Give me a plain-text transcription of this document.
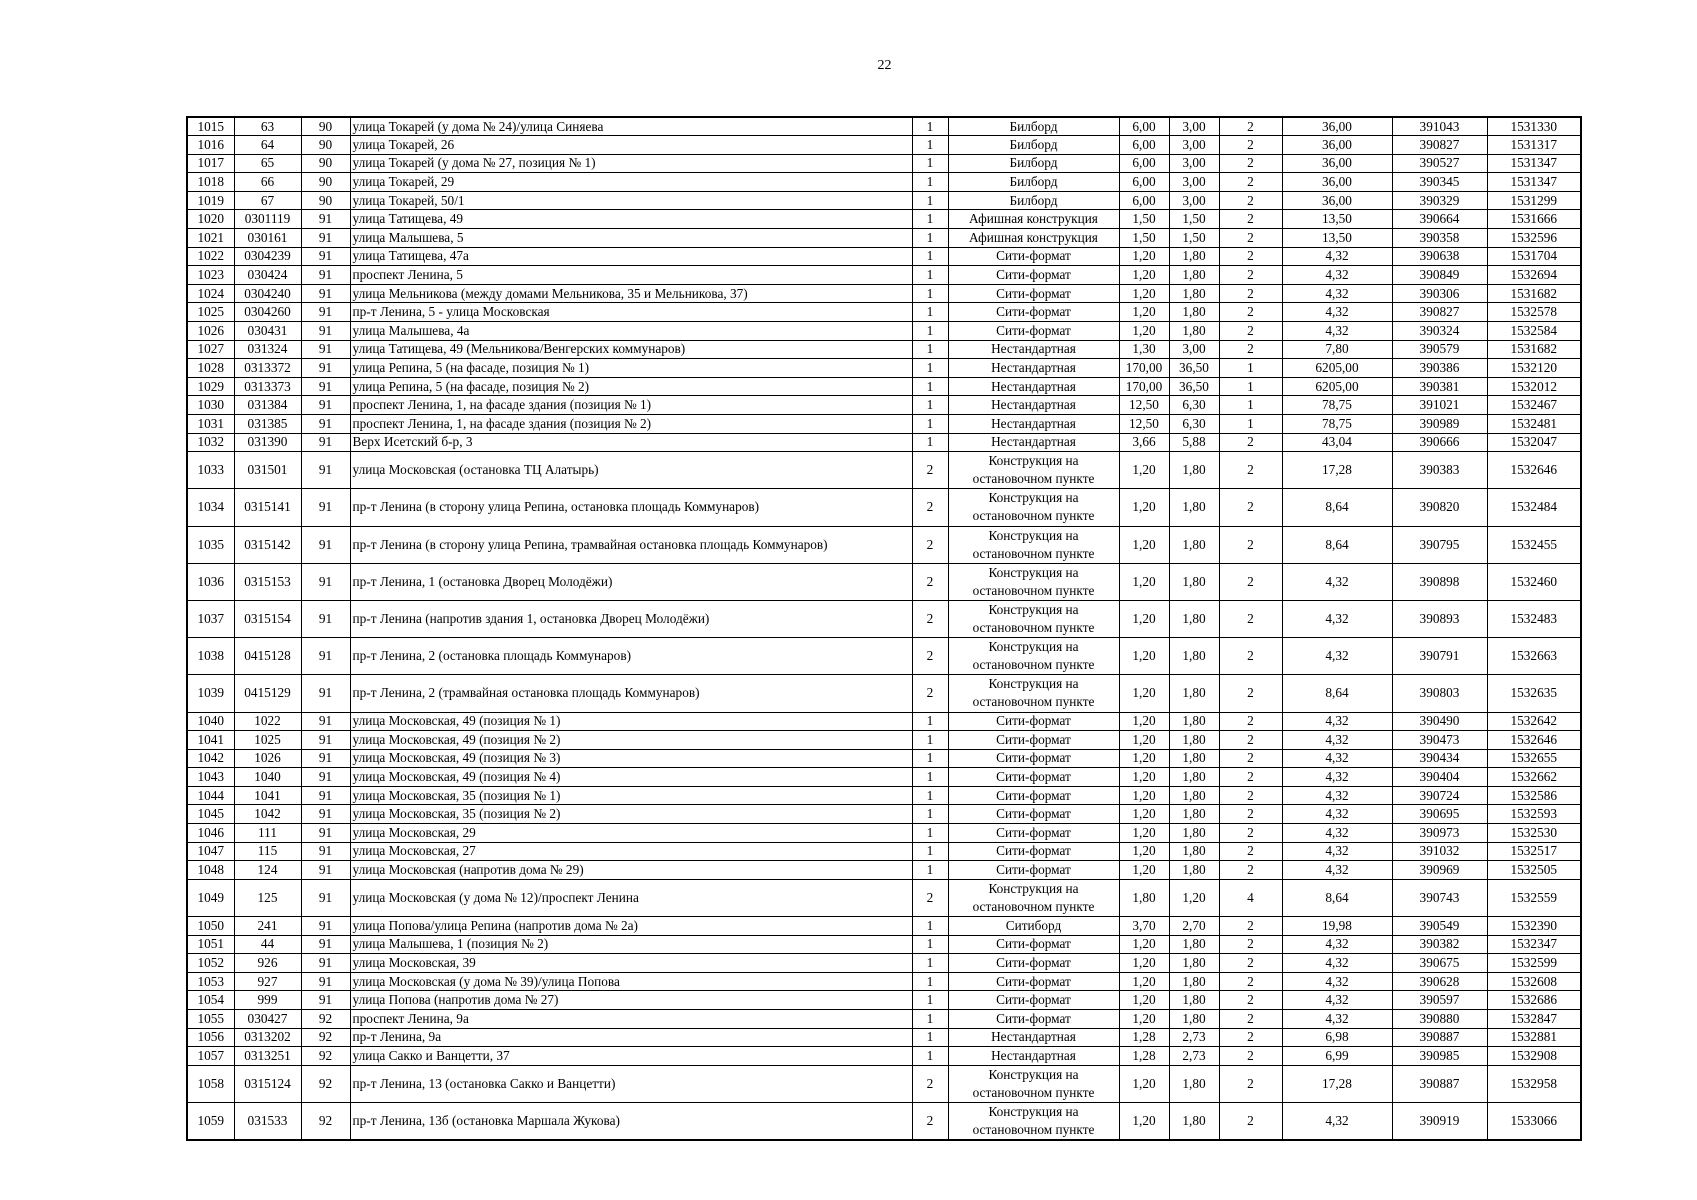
22
1015	63	90	улица Токарей (у дома № 24)/улица Синяева	1	Билборд	6,00	3,00	2	36,00	391043	1531330
1016	64	90	улица Токарей, 26	1	Билборд	6,00	3,00	2	36,00	390827	1531317
1017	65	90	улица Токарей (у дома № 27, позиция № 1)	1	Билборд	6,00	3,00	2	36,00	390527	1531347
1018	66	90	улица Токарей, 29	1	Билборд	6,00	3,00	2	36,00	390345	1531347
1019	67	90	улица Токарей, 50/1	1	Билборд	6,00	3,00	2	36,00	390329	1531299
1020	0301119	91	улица Татищева, 49	1	Афишная конструкция	1,50	1,50	2	13,50	390664	1531666
1021	030161	91	улица Малышева, 5	1	Афишная конструкция	1,50	1,50	2	13,50	390358	1532596
1022	0304239	91	улица Татищева, 47а	1	Сити-формат	1,20	1,80	2	4,32	390638	1531704
1023	030424	91	проспект Ленина, 5	1	Сити-формат	1,20	1,80	2	4,32	390849	1532694
1024	0304240	91	улица Мельникова (между домами Мельникова, 35 и Мельникова, 37)	1	Сити-формат	1,20	1,80	2	4,32	390306	1531682
1025	0304260	91	пр-т Ленина, 5 - улица Московская	1	Сити-формат	1,20	1,80	2	4,32	390827	1532578
1026	030431	91	улица Малышева, 4а	1	Сити-формат	1,20	1,80	2	4,32	390324	1532584
1027	031324	91	улица Татищева, 49 (Мельникова/Венгерских коммунаров)	1	Нестандартная	1,30	3,00	2	7,80	390579	1531682
1028	0313372	91	улица Репина, 5 (на фасаде, позиция № 1)	1	Нестандартная	170,00	36,50	1	6205,00	390386	1532120
1029	0313373	91	улица Репина, 5 (на фасаде, позиция № 2)	1	Нестандартная	170,00	36,50	1	6205,00	390381	1532012
1030	031384	91	проспект Ленина, 1, на фасаде здания (позиция № 1)	1	Нестандартная	12,50	6,30	1	78,75	391021	1532467
1031	031385	91	проспект Ленина, 1, на фасаде здания (позиция № 2)	1	Нестандартная	12,50	6,30	1	78,75	390989	1532481
1032	031390	91	Верх Исетский б-р, 3	1	Нестандартная	3,66	5,88	2	43,04	390666	1532047
1033	031501	91	улица Московская (остановка ТЦ Алатырь)	2	Конструкция на остановочном пункте	1,20	1,80	2	17,28	390383	1532646
1034	0315141	91	пр-т Ленина (в сторону улица Репина, остановка площадь Коммунаров)	2	Конструкция на остановочном пункте	1,20	1,80	2	8,64	390820	1532484
1035	0315142	91	пр-т Ленина (в сторону улица Репина, трамвайная остановка площадь Коммунаров)	2	Конструкция на остановочном пункте	1,20	1,80	2	8,64	390795	1532455
1036	0315153	91	пр-т Ленина, 1 (остановка Дворец Молодёжи)	2	Конструкция на остановочном пункте	1,20	1,80	2	4,32	390898	1532460
1037	0315154	91	пр-т Ленина (напротив здания 1, остановка Дворец Молодёжи)	2	Конструкция на остановочном пункте	1,20	1,80	2	4,32	390893	1532483
1038	0415128	91	пр-т Ленина, 2 (остановка площадь Коммунаров)	2	Конструкция на остановочном пункте	1,20	1,80	2	4,32	390791	1532663
1039	0415129	91	пр-т Ленина, 2 (трамвайная остановка площадь Коммунаров)	2	Конструкция на остановочном пункте	1,20	1,80	2	8,64	390803	1532635
1040	1022	91	улица Московская, 49 (позиция № 1)	1	Сити-формат	1,20	1,80	2	4,32	390490	1532642
1041	1025	91	улица Московская, 49 (позиция № 2)	1	Сити-формат	1,20	1,80	2	4,32	390473	1532646
1042	1026	91	улица Московская, 49 (позиция № 3)	1	Сити-формат	1,20	1,80	2	4,32	390434	1532655
1043	1040	91	улица Московская, 49 (позиция № 4)	1	Сити-формат	1,20	1,80	2	4,32	390404	1532662
1044	1041	91	улица Московская, 35 (позиция № 1)	1	Сити-формат	1,20	1,80	2	4,32	390724	1532586
1045	1042	91	улица Московская, 35 (позиция № 2)	1	Сити-формат	1,20	1,80	2	4,32	390695	1532593
1046	111	91	улица Московская, 29	1	Сити-формат	1,20	1,80	2	4,32	390973	1532530
1047	115	91	улица Московская, 27	1	Сити-формат	1,20	1,80	2	4,32	391032	1532517
1048	124	91	улица Московская (напротив дома № 29)	1	Сити-формат	1,20	1,80	2	4,32	390969	1532505
1049	125	91	улица Московская (у дома № 12)/проспект Ленина	2	Конструкция на остановочном пункте	1,80	1,20	4	8,64	390743	1532559
1050	241	91	улица Попова/улица Репина (напротив дома № 2а)	1	Ситиборд	3,70	2,70	2	19,98	390549	1532390
1051	44	91	улица Малышева, 1 (позиция № 2)	1	Сити-формат	1,20	1,80	2	4,32	390382	1532347
1052	926	91	улица Московская, 39	1	Сити-формат	1,20	1,80	2	4,32	390675	1532599
1053	927	91	улица Московская (у дома № 39)/улица Попова	1	Сити-формат	1,20	1,80	2	4,32	390628	1532608
1054	999	91	улица Попова (напротив дома № 27)	1	Сити-формат	1,20	1,80	2	4,32	390597	1532686
1055	030427	92	проспект Ленина, 9а	1	Сити-формат	1,20	1,80	2	4,32	390880	1532847
1056	0313202	92	пр-т Ленина, 9а	1	Нестандартная	1,28	2,73	2	6,98	390887	1532881
1057	0313251	92	улица Сакко и Ванцетти, 37	1	Нестандартная	1,28	2,73	2	6,99	390985	1532908
1058	0315124	92	пр-т Ленина, 13 (остановка Сакко и Ванцетти)	2	Конструкция на остановочном пункте	1,20	1,80	2	17,28	390887	1532958
1059	031533	92	пр-т Ленина, 13б (остановка Маршала Жукова)	2	Конструкция на остановочном пункте	1,20	1,80	2	4,32	390919	1533066
